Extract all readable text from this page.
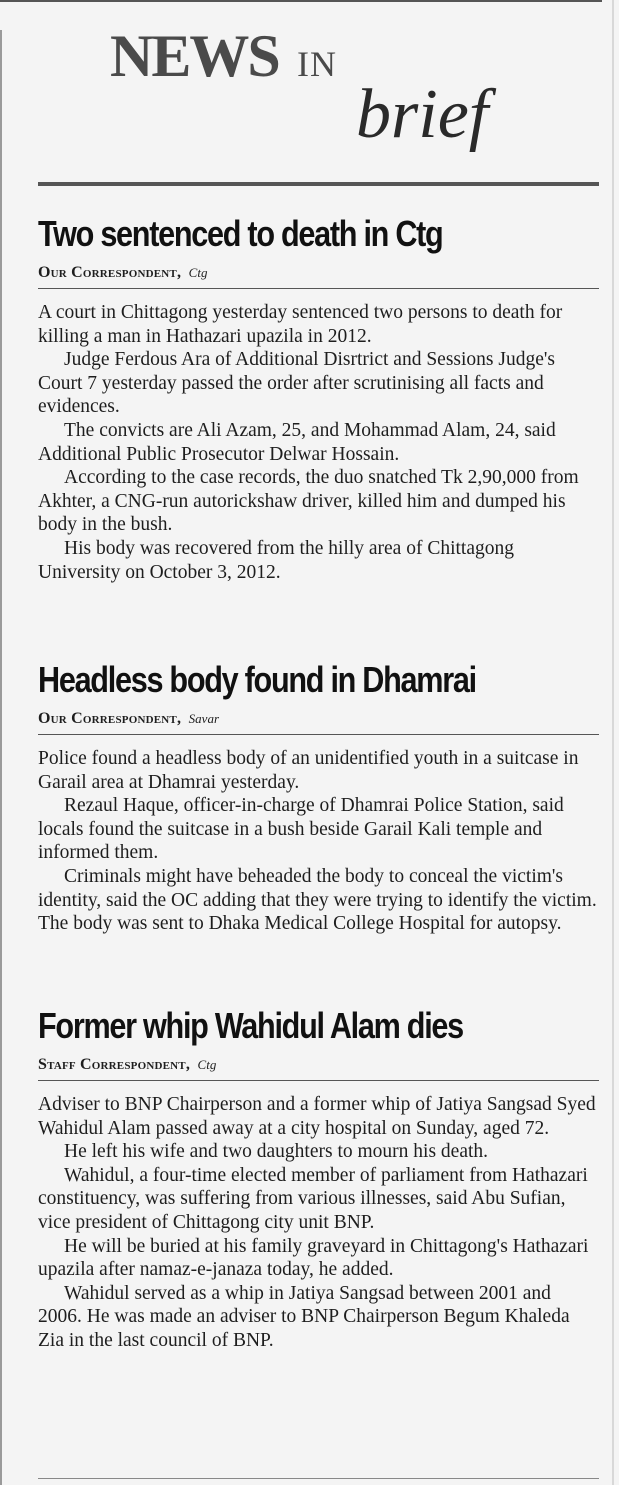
NEWS IN
brief
Two sentenced to death in Ctg
Our Correspondent, Ctg

A court in Chittagong yesterday sentenced two persons to death for killing a man in Hathazari upazila in 2012.

Judge Ferdous Ara of Additional Disrtrict and Sessions Judge's Court 7 yesterday passed the order after scrutinising all facts and evidences.

The convicts are Ali Azam, 25, and Mohammad Alam, 24, said Additional Public Prosecutor Delwar Hossain.

According to the case records, the duo snatched Tk 2,90,000 from Akhter, a CNG-run autorickshaw driver, killed him and dumped his body in the bush.

His body was recovered from the hilly area of Chittagong University on October 3, 2012.

Headless body found in Dhamrai
Our Correspondent, Savar

Police found a headless body of an unidentified youth in a suitcase in Garail area at Dhamrai yesterday.

Rezaul Haque, officer-in-charge of Dhamrai Police Station, said locals found the suitcase in a bush beside Garail Kali temple and informed them.

Criminals might have beheaded the body to conceal the victim's identity, said the OC adding that they were trying to identify the victim. The body was sent to Dhaka Medical College Hospital for autopsy.

Former whip Wahidul Alam dies
Staff Correspondent, Ctg

Adviser to BNP Chairperson and a former whip of Jatiya Sangsad Syed Wahidul Alam passed away at a city hospital on Sunday, aged 72.

He left his wife and two daughters to mourn his death.

Wahidul, a four-time elected member of parliament from Hathazari constituency, was suffering from various illnesses, said Abu Sufian, vice president of Chittagong city unit BNP.

He will be buried at his family graveyard in Chittagong's Hathazari upazila after namaz-e-janaza today, he added.

Wahidul served as a whip in Jatiya Sangsad between 2001 and 2006. He was made an adviser to BNP Chairperson Begum Khaleda Zia in the last council of BNP.
